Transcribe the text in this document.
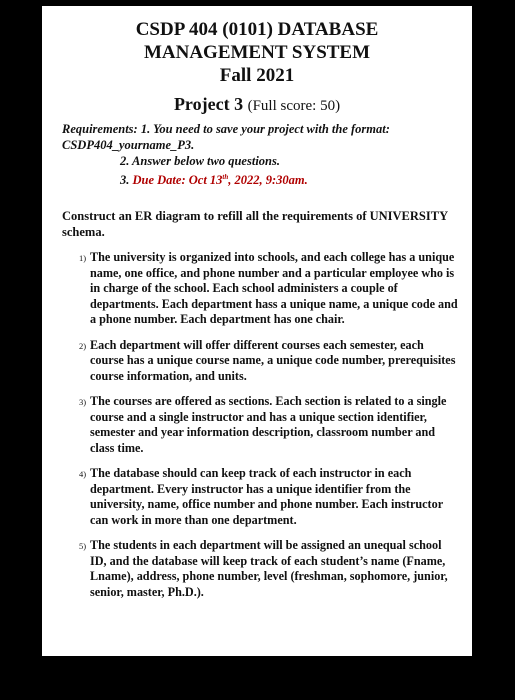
CSDP 404 (0101) DATABASE
MANAGEMENT SYSTEM
Fall 2021
Project 3 (Full score: 50)
Requirements: 1. You need to save your project with the format: CSDP404_yourname_P3.
2. Answer below two questions.
3. Due Date: Oct 13th, 2022, 9:30am.
Construct an ER diagram to refill all the requirements of UNIVERSITY schema.
1) The university is organized into schools, and each college has a unique name, one office, and phone number and a particular employee who is in charge of the school. Each school administers a couple of departments. Each department hass a unique name, a unique code and a phone number. Each department has one chair.
2) Each department will offer different courses each semester, each course has a unique course name, a unique code number, prerequisites course information, and units.
3) The courses are offered as sections. Each section is related to a single course and a single instructor and has a unique section identifier, semester and year information description, classroom number and class time.
4) The database should can keep track of each instructor in each department. Every instructor has a unique identifier from the university, name, office number and phone number. Each instructor can work in more than one department.
5) The students in each department will be assigned an unequal school ID, and the database will keep track of each student’s name (Fname, Lname), address, phone number, level (freshman, sophomore, junior, senior, master, Ph.D.).
